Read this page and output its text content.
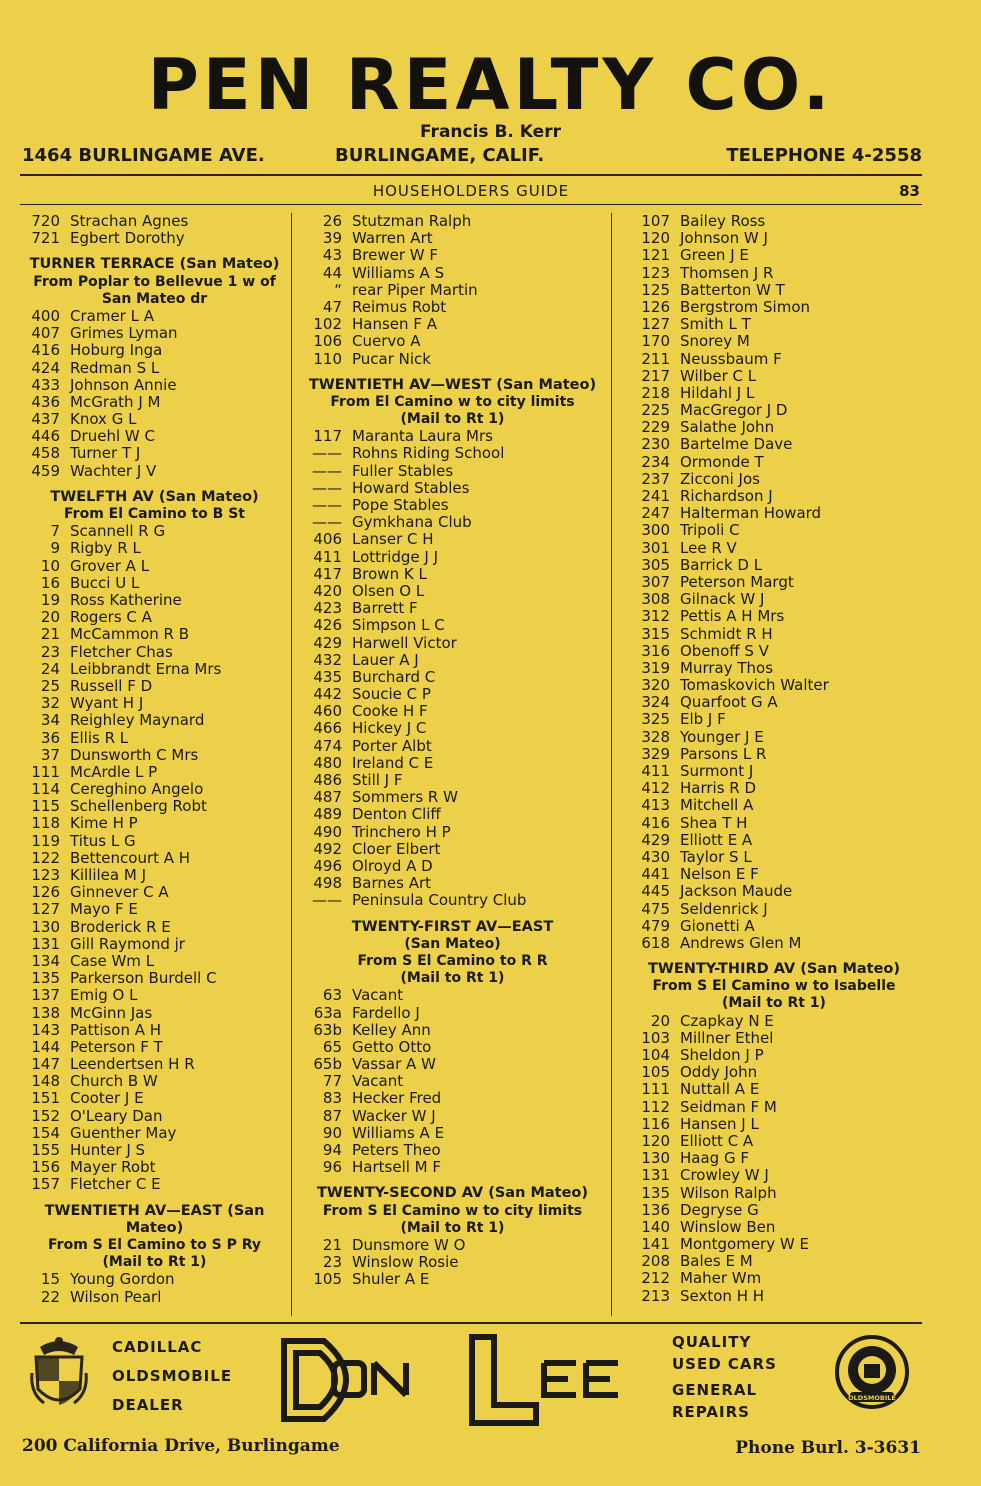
PEN REALTY CO.
Francis B. Kerr
1464 BURLINGAME AVE.	BURLINGAME, CALIF.	TELEPHONE 4-2558
HOUSEHOLDERS GUIDE	83
720 Strachan Agnes
721 Egbert Dorothy
TURNER TERRACE (San Mateo)
From Poplar to Bellevue 1 w of
San Mateo dr
400 Cramer L A
407 Grimes Lyman
416 Hoburg Inga
424 Redman S L
433 Johnson Annie
436 McGrath J M
437 Knox G L
446 Druehl W C
458 Turner T J
459 Wachter J V
TWELFTH AV (San Mateo)
From El Camino to B St
7 Scannell R G
9 Rigby R L
10 Grover A L
16 Bucci U L
19 Ross Katherine
20 Rogers C A
21 McCammon R B
23 Fletcher Chas
24 Leibbrandt Erna Mrs
25 Russell F D
32 Wyant H J
34 Reighley Maynard
36 Ellis R L
37 Dunsworth C Mrs
111 McArdle L P
114 Cereghino Angelo
115 Schellenberg Robt
118 Kime H P
119 Titus L G
122 Bettencourt A H
123 Killilea M J
126 Ginnever C A
127 Mayo F E
130 Broderick R E
131 Gill Raymond jr
134 Case Wm L
135 Parkerson Burdell C
137 Emig O L
138 McGinn Jas
143 Pattison A H
144 Peterson F T
147 Leendertsen H R
148 Church B W
151 Cooter J E
152 O'Leary Dan
154 Guenther May
155 Hunter J S
156 Mayer Robt
157 Fletcher C E
TWENTIETH AV—EAST (San Mateo)
From S El Camino to S P Ry
(Mail to Rt 1)
15 Young Gordon
22 Wilson Pearl
26 Stutzman Ralph
39 Warren Art
43 Brewer W F
44 Williams A S
“ rear Piper Martin
47 Reimus Robt
102 Hansen F A
106 Cuervo A
110 Pucar Nick
TWENTIETH AV—WEST (San Mateo)
From El Camino w to city limits
(Mail to Rt 1)
117 Maranta Laura Mrs
—— Rohns Riding School
—— Fuller Stables
—— Howard Stables
—— Pope Stables
—— Gymkhana Club
406 Lanser C H
411 Lottridge J J
417 Brown K L
420 Olsen O L
423 Barrett F
426 Simpson L C
429 Harwell Victor
432 Lauer A J
435 Burchard C
442 Soucie C P
460 Cooke H F
466 Hickey J C
474 Porter Albt
480 Ireland C E
486 Still J F
487 Sommers R W
489 Denton Cliff
490 Trinchero H P
492 Cloer Elbert
496 Olroyd A D
498 Barnes Art
—— Peninsula Country Club
TWENTY-FIRST AV—EAST
(San Mateo)
From S El Camino to R R
(Mail to Rt 1)
63 Vacant
63a Fardello J
63b Kelley Ann
65 Getto Otto
65b Vassar A W
77 Vacant
83 Hecker Fred
87 Wacker W J
90 Williams A E
94 Peters Theo
96 Hartsell M F
TWENTY-SECOND AV (San Mateo)
From S El Camino w to city limits
(Mail to Rt 1)
21 Dunsmore W O
23 Winslow Rosie
105 Shuler A E
107 Bailey Ross
120 Johnson W J
121 Green J E
123 Thomsen J R
125 Batterton W T
126 Bergstrom Simon
127 Smith L T
170 Snorey M
211 Neussbaum F
217 Wilber C L
218 Hildahl J L
225 MacGregor J D
229 Salathe John
230 Bartelme Dave
234 Ormonde T
237 Zicconi Jos
241 Richardson J
247 Halterman Howard
300 Tripoli C
301 Lee R V
305 Barrick D L
307 Peterson Margt
308 Gilnack W J
312 Pettis A H Mrs
315 Schmidt R H
316 Obenoff S V
319 Murray Thos
320 Tomaskovich Walter
324 Quarfoot G A
325 Elb J F
328 Younger J E
329 Parsons L R
411 Surmont J
412 Harris R D
413 Mitchell A
416 Shea T H
429 Elliott E A
430 Taylor S L
441 Nelson E F
445 Jackson Maude
475 Seldenrick J
479 Gionetti A
618 Andrews Glen M
TWENTY-THIRD AV (San Mateo)
From S El Camino w to Isabelle
(Mail to Rt 1)
20 Czapkay N E
103 Millner Ethel
104 Sheldon J P
105 Oddy John
111 Nuttall A E
112 Seidman F M
116 Hansen J L
120 Elliott C A
130 Haag G F
131 Crowley W J
135 Wilson Ralph
136 Degryse G
140 Winslow Ben
141 Montgomery W E
208 Bales E M
212 Maher Wm
213 Sexton H H
CADILLAC
OLDSMOBILE
DEALER
DON LEE
QUALITY
USED CARS
GENERAL
REPAIRS
OLDSMOBILE
200 California Drive, Burlingame	Phone Burl. 3-3631
